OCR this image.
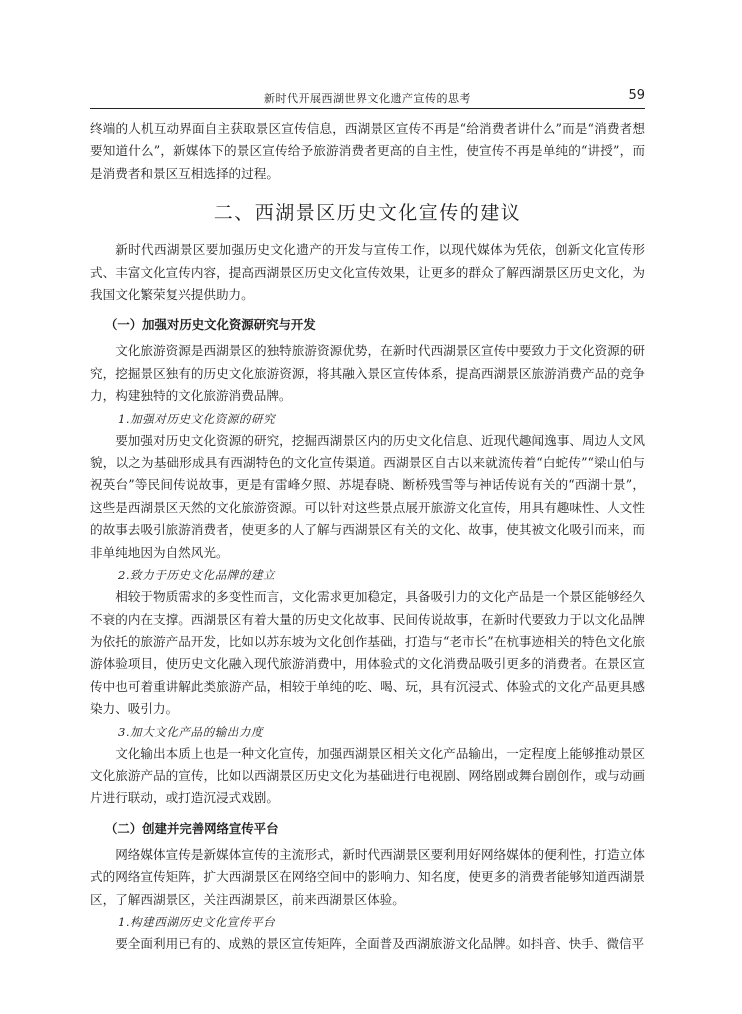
新时代开展西湖世界文化遗产宣传的思考	59

终端的人机互动界面自主获取景区宣传信息，西湖景区宣传不再是“给消费者讲什么”而是“消费者想要知道什么”，新媒体下的景区宣传给予旅游消费者更高的自主性，使宣传不再是单纯的“讲授”，而是消费者和景区互相选择的过程。

二、西湖景区历史文化宣传的建议

新时代西湖景区要加强历史文化遗产的开发与宣传工作，以现代媒体为凭依，创新文化宣传形式、丰富文化宣传内容，提高西湖景区历史文化宣传效果，让更多的群众了解西湖景区历史文化，为我国文化繁荣复兴提供助力。

（一）加强对历史文化资源研究与开发

文化旅游资源是西湖景区的独特旅游资源优势，在新时代西湖景区宣传中要致力于文化资源的研究，挖掘景区独有的历史文化旅游资源，将其融入景区宣传体系，提高西湖景区旅游消费产品的竞争力，构建独特的文化旅游消费品牌。

1.加强对历史文化资源的研究

要加强对历史文化资源的研究，挖掘西湖景区内的历史文化信息、近现代趣闻逸事、周边人文风貌，以之为基础形成具有西湖特色的文化宣传渠道。西湖景区自古以来就流传着“白蛇传”“梁山伯与祝英台”等民间传说故事，更是有雷峰夕照、苏堤春晓、断桥残雪等与神话传说有关的“西湖十景”，这些是西湖景区天然的文化旅游资源。可以针对这些景点展开旅游文化宣传，用具有趣味性、人文性的故事去吸引旅游消费者，使更多的人了解与西湖景区有关的文化、故事，使其被文化吸引而来，而非单纯地因为自然风光。

2.致力于历史文化品牌的建立

相较于物质需求的多变性而言，文化需求更加稳定，具备吸引力的文化产品是一个景区能够经久不衰的内在支撑。西湖景区有着大量的历史文化故事、民间传说故事，在新时代要致力于以文化品牌为依托的旅游产品开发，比如以苏东坡为文化创作基础，打造与“老市长”在杭事迹相关的特色文化旅游体验项目，使历史文化融入现代旅游消费中，用体验式的文化消费品吸引更多的消费者。在景区宣传中也可着重讲解此类旅游产品，相较于单纯的吃、喝、玩，具有沉浸式、体验式的文化产品更具感染力、吸引力。

3.加大文化产品的输出力度

文化输出本质上也是一种文化宣传，加强西湖景区相关文化产品输出，一定程度上能够推动景区文化旅游产品的宣传，比如以西湖景区历史文化为基础进行电视剧、网络剧或舞台剧创作，或与动画片进行联动，或打造沉浸式戏剧。

（二）创建并完善网络宣传平台

网络媒体宣传是新媒体宣传的主流形式，新时代西湖景区要利用好网络媒体的便利性，打造立体式的网络宣传矩阵，扩大西湖景区在网络空间中的影响力、知名度，使更多的消费者能够知道西湖景区，了解西湖景区，关注西湖景区，前来西湖景区体验。

1.构建西湖历史文化宣传平台

要全面利用已有的、成熟的景区宣传矩阵，全面普及西湖旅游文化品牌。如抖音、快手、微信平
